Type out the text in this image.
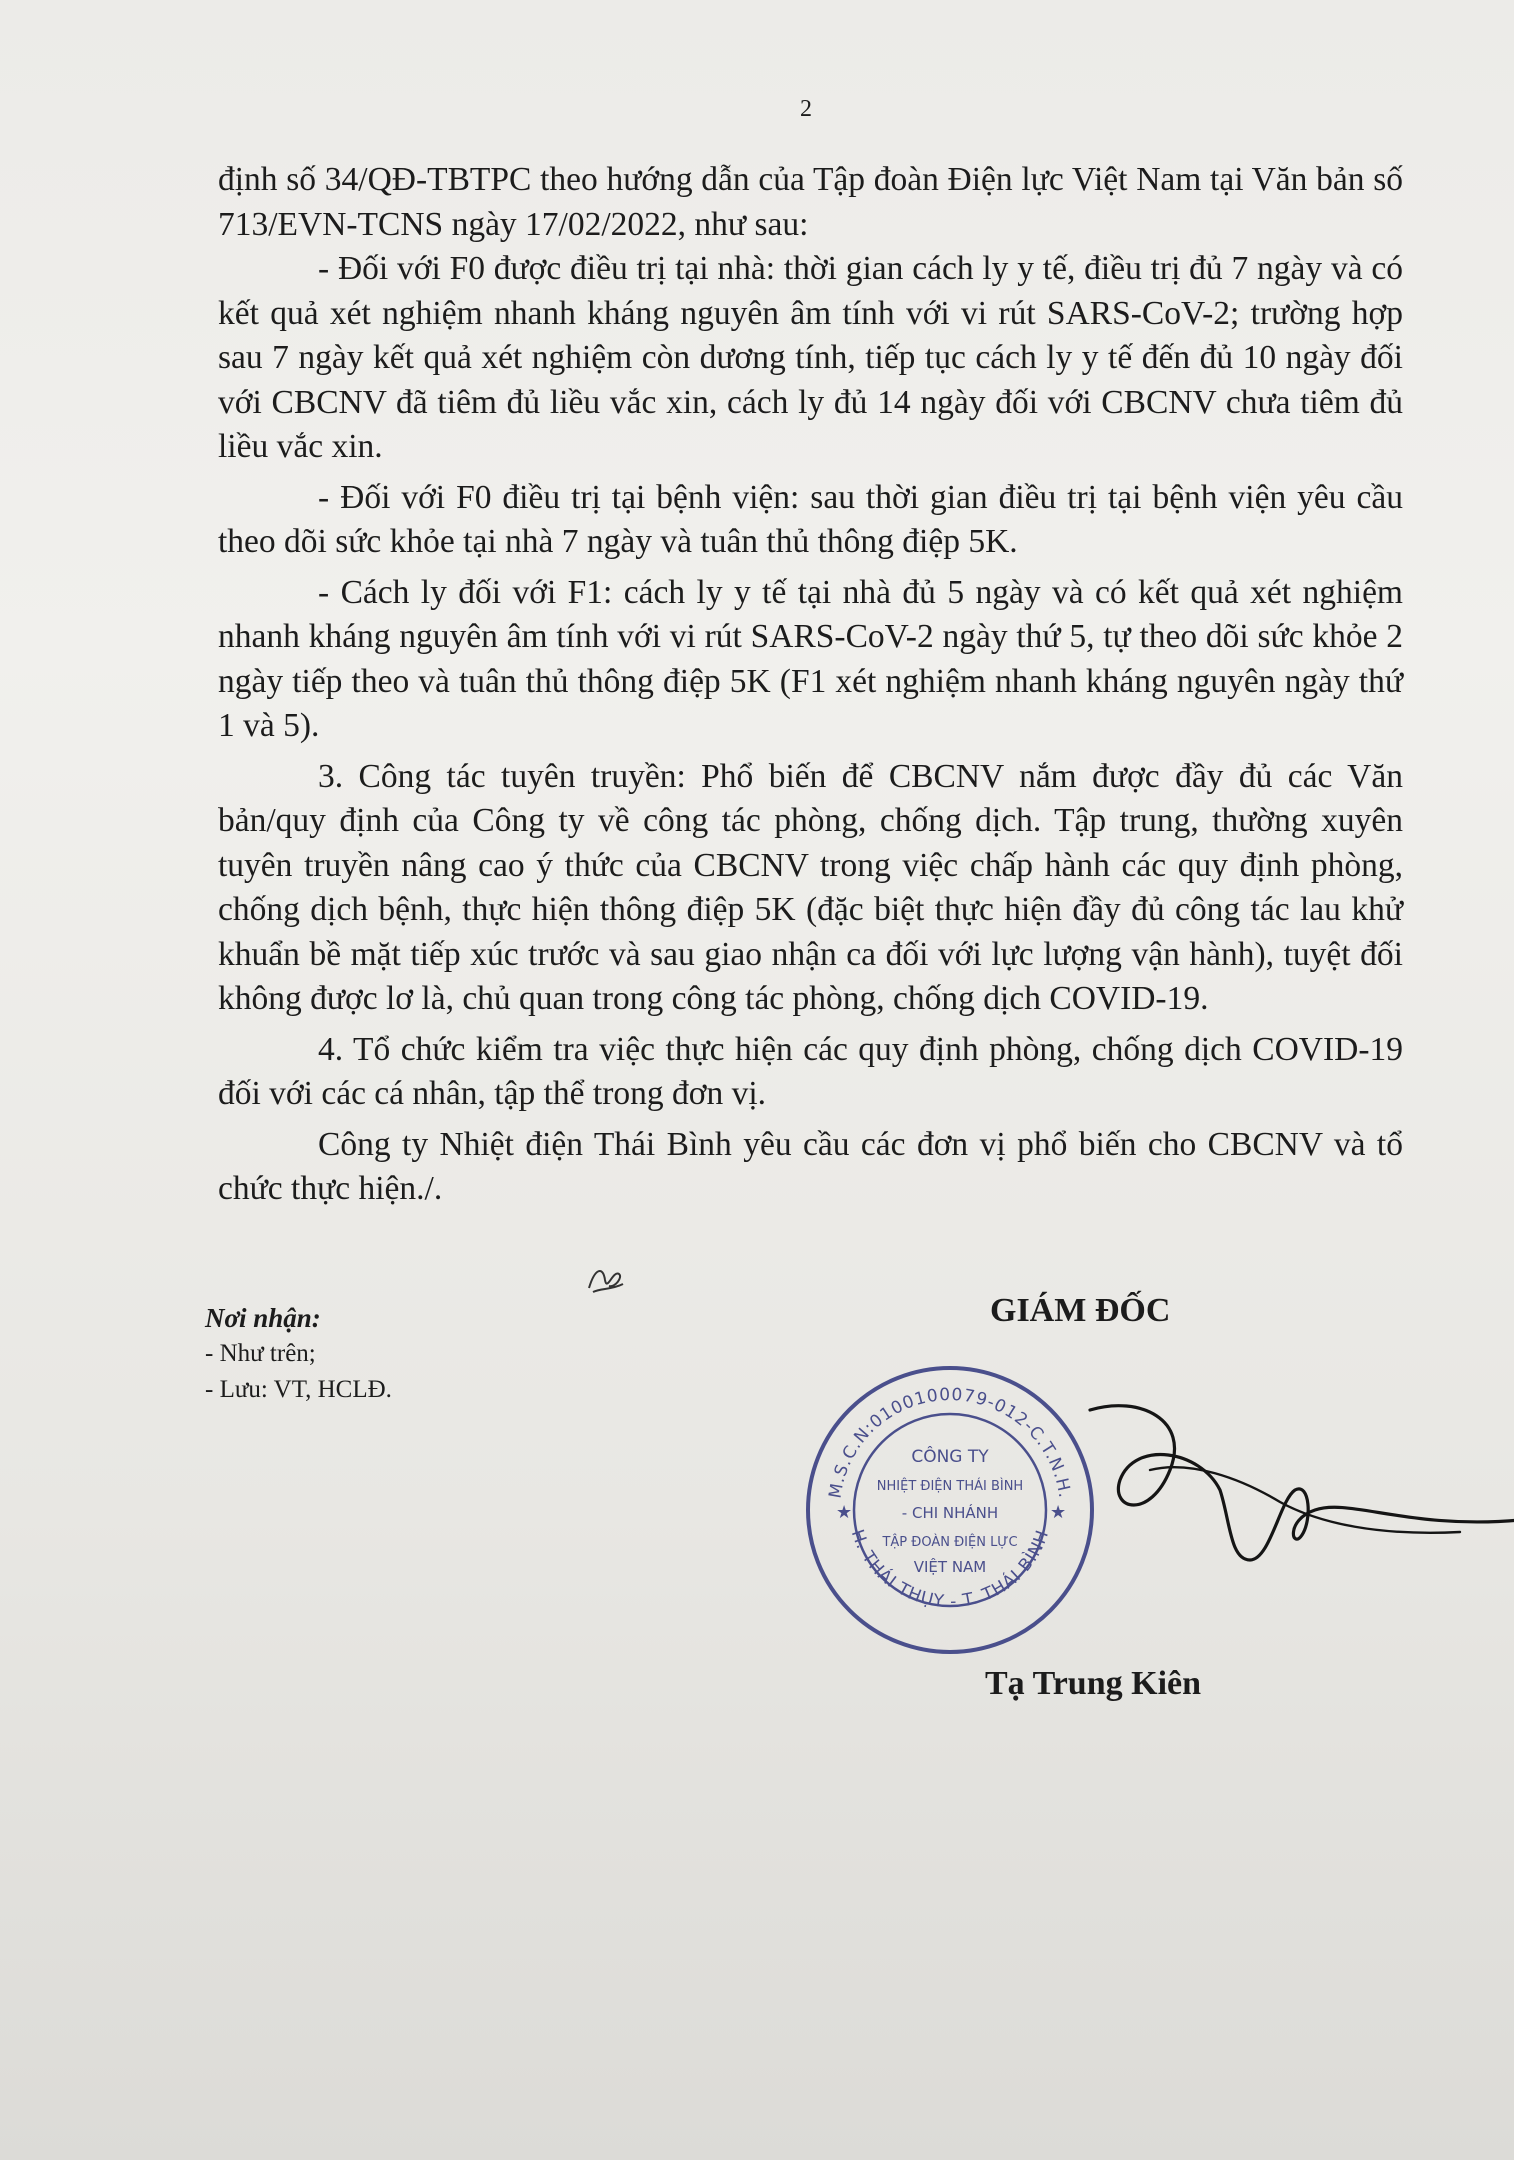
2

định số 34/QĐ-TBTPC theo hướng dẫn của Tập đoàn Điện lực Việt Nam tại Văn bản số 713/EVN-TCNS ngày 17/02/2022, như sau:

- Đối với F0 được điều trị tại nhà: thời gian cách ly y tế, điều trị đủ 7 ngày và có kết quả xét nghiệm nhanh kháng nguyên âm tính với vi rút SARS-CoV-2; trường hợp sau 7 ngày kết quả xét nghiệm còn dương tính, tiếp tục cách ly y tế đến đủ 10 ngày đối với CBCNV đã tiêm đủ liều vắc xin, cách ly đủ 14 ngày đối với CBCNV chưa tiêm đủ liều vắc xin.

- Đối với F0 điều trị tại bệnh viện: sau thời gian điều trị tại bệnh viện yêu cầu theo dõi sức khỏe tại nhà 7 ngày và tuân thủ thông điệp 5K.

- Cách ly đối với F1: cách ly y tế tại nhà đủ 5 ngày và có kết quả xét nghiệm nhanh kháng nguyên âm tính với vi rút SARS-CoV-2 ngày thứ 5, tự theo dõi sức khỏe 2 ngày tiếp theo và tuân thủ thông điệp 5K (F1 xét nghiệm nhanh kháng nguyên ngày thứ 1 và 5).

3. Công tác tuyên truyền: Phổ biến để CBCNV nắm được đầy đủ các Văn bản/quy định của Công ty về công tác phòng, chống dịch. Tập trung, thường xuyên tuyên truyền nâng cao ý thức của CBCNV trong việc chấp hành các quy định phòng, chống dịch bệnh, thực hiện thông điệp 5K (đặc biệt thực hiện đầy đủ công tác lau khử khuẩn bề mặt tiếp xúc trước và sau giao nhận ca đối với lực lượng vận hành), tuyệt đối không được lơ là, chủ quan trong công tác phòng, chống dịch COVID-19.

4. Tổ chức kiểm tra việc thực hiện các quy định phòng, chống dịch COVID-19 đối với các cá nhân, tập thể trong đơn vị.

Công ty Nhiệt điện Thái Bình yêu cầu các đơn vị phổ biến cho CBCNV và tổ chức thực hiện./.

Nơi nhận:
- Như trên;
- Lưu: VT, HCLĐ.
GIÁM ĐỐC
M.S.C.N:0100100079-012-C.T.N.H.
H. THÁI THỤY - T. THÁI BÌNH
★	★
CÔNG TY
NHIỆT ĐIỆN THÁI BÌNH
- CHI NHÁNH
TẬP ĐOÀN ĐIỆN LỰC
VIỆT NAM
Tạ Trung Kiên
